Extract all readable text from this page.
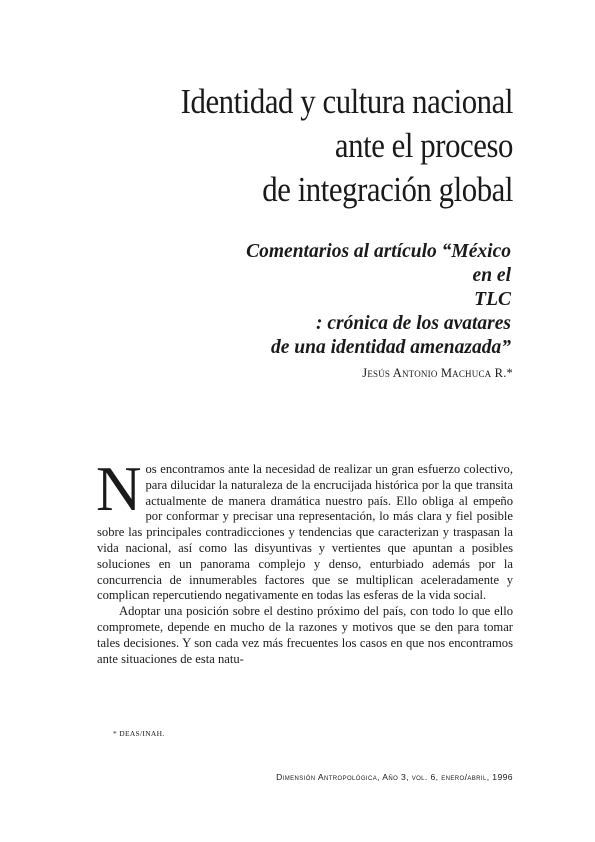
Identidad y cultura nacional
ante el proceso
de integración global
Comentarios al artículo “México
en el
TLC
: crónica de los avatares
de una identidad amenazada”
Jesús Antonio Machuca R.*

Nos encontramos ante la necesidad de realizar un gran esfuerzo colectivo, para dilucidar la naturaleza de la encrucijada histórica por la que transita actualmente de manera dramática nuestro país. Ello obliga al empeño por conformar y precisar una representación, lo más clara y fiel posible sobre las principales contradicciones y tendencias que caracterizan y traspasan la vida nacional, así como las disyuntivas y vertientes que apuntan a posibles soluciones en un panorama complejo y denso, enturbiado además por la concurrencia de innumerables factores que se multiplican aceleradamente y complican repercutiendo negativamente en todas las esferas de la vida social.

Adoptar una posición sobre el destino próximo del país, con todo lo que ello compromete, depende en mucho de la razones y motivos que se den para tomar tales decisiones. Y son cada vez más frecuentes los casos en que nos encontramos ante situaciones de esta natu-

* DEAS/INAH.
Dimensión Antropológica, Año 3, vol. 6, enero/abril, 1996
